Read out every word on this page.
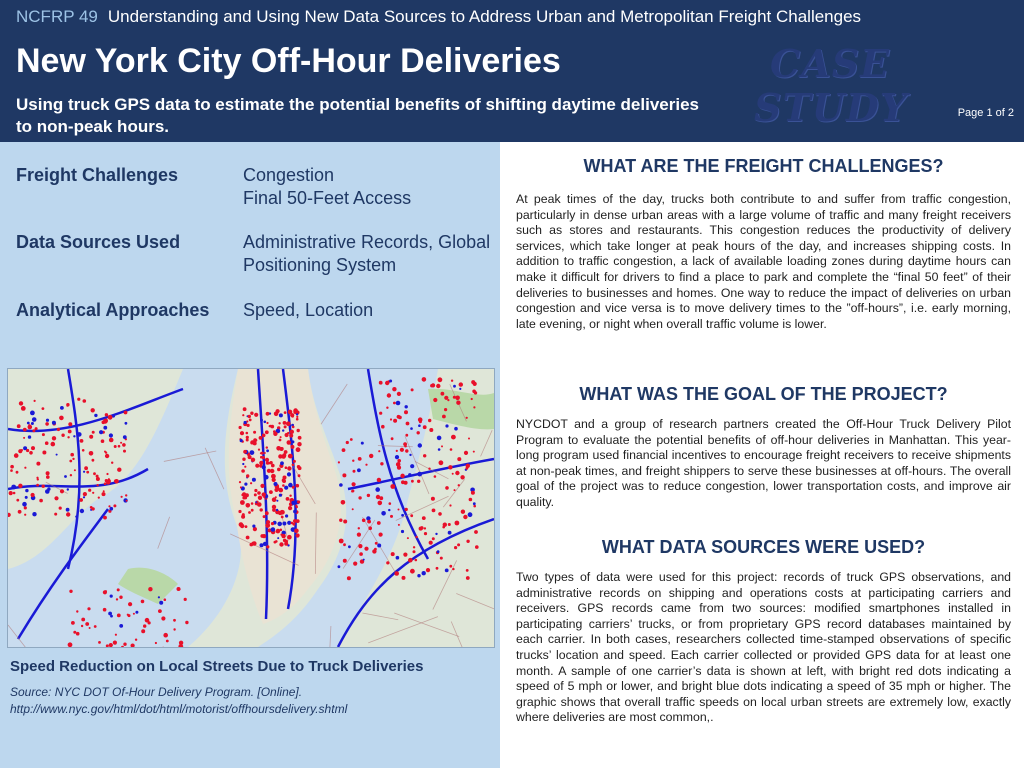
NCFRP 49 Understanding and Using New Data Sources to Address Urban and Metropolitan Freight Challenges
New York City Off-Hour Deliveries
Using truck GPS data to estimate the potential benefits of shifting daytime deliveries to non-peak hours.
CASE
STUDY	Page 1 of 2
Freight Challenges	Congestion
Final 50-Feet Access
Data Sources Used	Administrative Records, Global Positioning System
Analytical Approaches	Speed, Location
Speed Reduction on Local Streets Due to Truck Deliveries
Source: NYC DOT Of-Hour Delivery Program. [Online]. http://www.nyc.gov/html/dot/html/motorist/offhoursdelivery.shtml
WHAT ARE THE FREIGHT CHALLENGES?
At peak times of the day, trucks both contribute to and suffer from traffic congestion, particularly in dense urban areas with a large volume of traffic and many freight receivers such as stores and restaurants. This congestion reduces the productivity of delivery services, which take longer at peak hours of the day, and increases shipping costs. In addition to traffic congestion, a lack of available loading zones during daytime hours can make it difficult for drivers to find a place to park and complete the “final 50 feet” of their deliveries to businesses and homes. One way to reduce the impact of deliveries on urban congestion and vice versa is to move delivery times to the ”off-hours”, i.e. early morning, late evening, or night when overall traffic volume is lower.
WHAT WAS THE GOAL OF THE PROJECT?
NYCDOT and a group of research partners created the Off-Hour Truck Delivery Pilot Program to evaluate the potential benefits of off-hour deliveries in Manhattan. This year-long program used financial incentives to encourage freight receivers to receive shipments at non-peak times, and freight shippers to serve these businesses at off-hours. The overall goal of the project was to reduce congestion, lower transportation costs, and improve air quality.
WHAT DATA SOURCES WERE USED?
Two types of data were used for this project: records of truck GPS observations, and administrative records on shipping and operations costs at participating carriers and receivers. GPS records came from two sources: modified smartphones installed in participating carriers’ trucks, or from proprietary GPS record databases maintained by each carrier. In both cases, researchers collected time-stamped observations of specific trucks’ location and speed. Each carrier collected or provided GPS data for at least one month. A sample of one carrier’s data is shown at left, with bright red dots indicating a speed of 5 mph or lower, and bright blue dots indicating a speed of 35 mph or higher. The graphic shows that overall traffic speeds on local urban streets are extremely low, exactly where deliveries are most common,.
